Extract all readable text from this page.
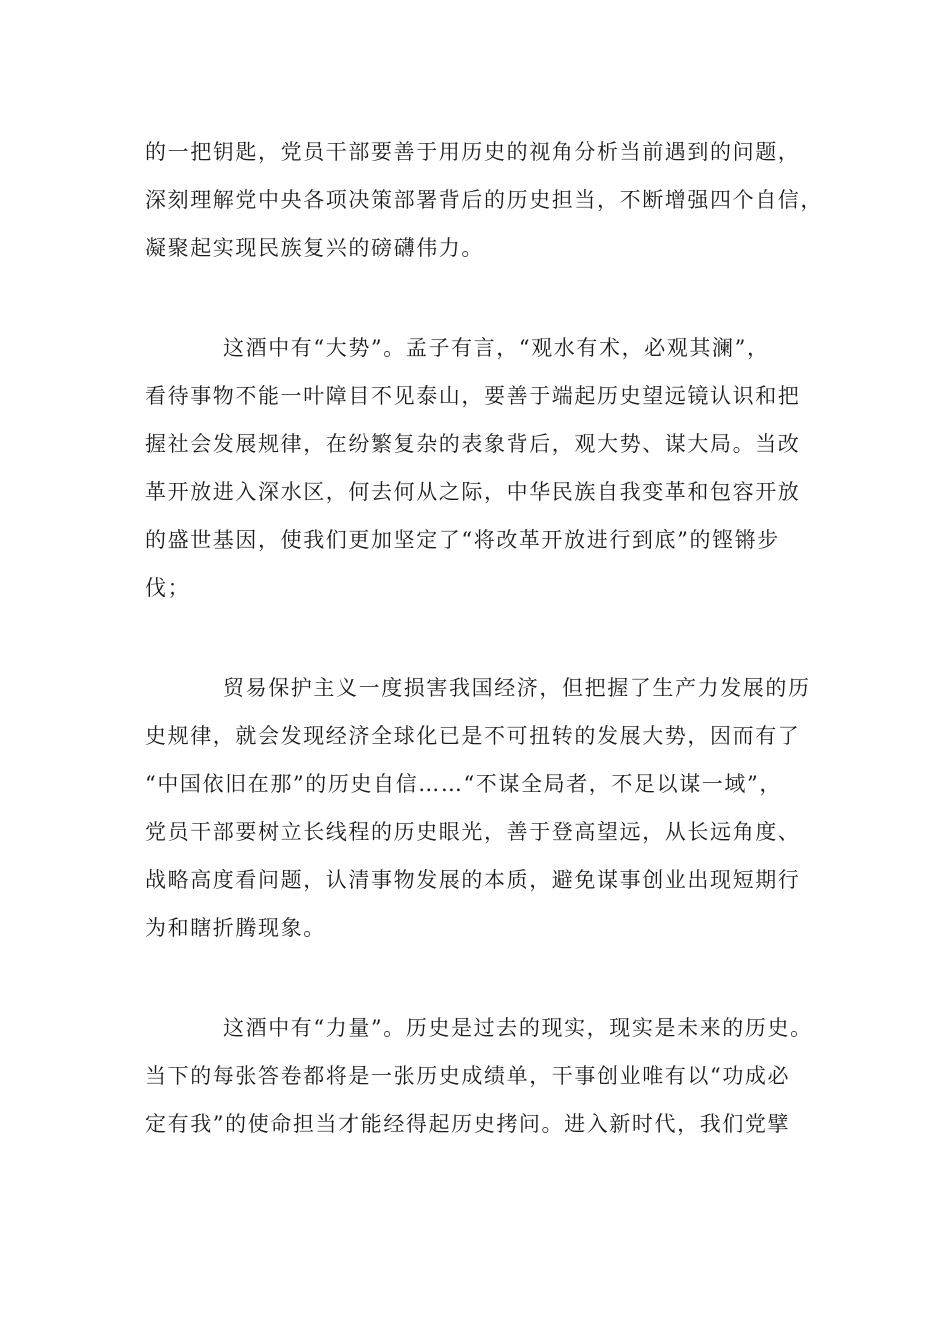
的一把钥匙，党员干部要善于用历史的视角分析当前遇到的问题，
深刻理解党中央各项决策部署背后的历史担当，不断增强四个自信，
凝聚起实现民族复兴的磅礴伟力。
这酒中有“大势”。孟子有言，“观水有术，必观其澜”，
看待事物不能一叶障目不见泰山，要善于端起历史望远镜认识和把
握社会发展规律，在纷繁复杂的表象背后，观大势、谋大局。当改
革开放进入深水区，何去何从之际，中华民族自我变革和包容开放
的盛世基因，使我们更加坚定了“将改革开放进行到底”的铿锵步
伐；
贸易保护主义一度损害我国经济，但把握了生产力发展的历
史规律，就会发现经济全球化已是不可扭转的发展大势，因而有了
“中国依旧在那”的历史自信……“不谋全局者，不足以谋一域”，
党员干部要树立长线程的历史眼光，善于登高望远，从长远角度、
战略高度看问题，认清事物发展的本质，避免谋事创业出现短期行
为和瞎折腾现象。
这酒中有“力量”。历史是过去的现实，现实是未来的历史。
当下的每张答卷都将是一张历史成绩单，干事创业唯有以“功成必
定有我”的使命担当才能经得起历史拷问。进入新时代，我们党擘
